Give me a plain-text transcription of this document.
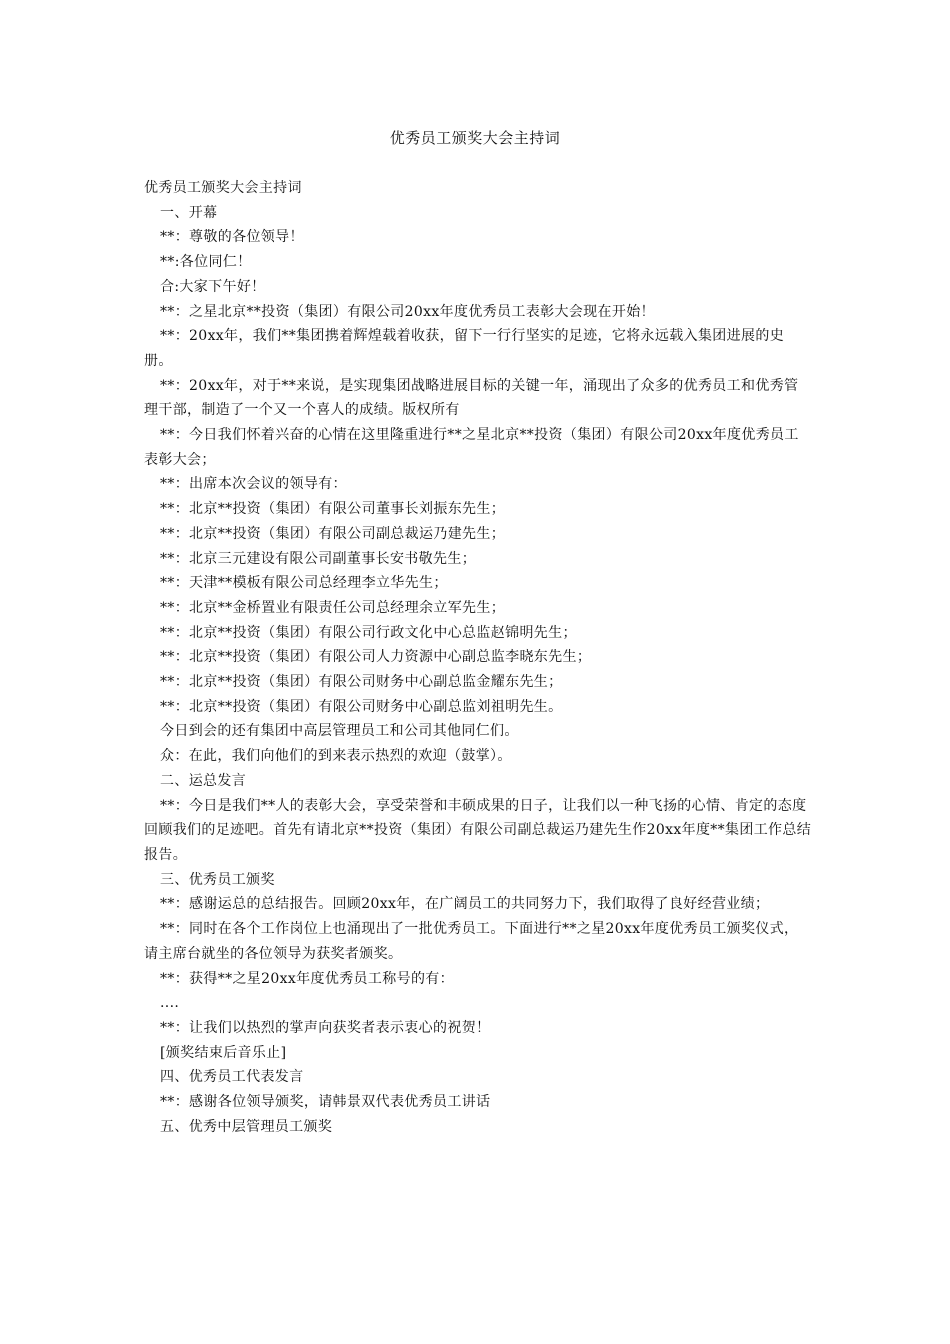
优秀员工颁奖大会主持词

优秀员工颁奖大会主持词

一、开幕

**：尊敬的各位领导！

**:各位同仁！

合:大家下午好！

**：之星北京**投资（集团）有限公司20xx年度优秀员工表彰大会现在开始！

**：20xx年，我们**集团携着辉煌载着收获，留下一行行坚实的足迹，它将永远载入集团进展的史册。

**：20xx年，对于**来说，是实现集团战略进展目标的关键一年，涌现出了众多的优秀员工和优秀管理干部，制造了一个又一个喜人的成绩。版权所有

**：今日我们怀着兴奋的心情在这里隆重进行**之星北京**投资（集团）有限公司20xx年度优秀员工表彰大会；

**：出席本次会议的领导有：

**：北京**投资（集团）有限公司董事长刘振东先生；

**：北京**投资（集团）有限公司副总裁运乃建先生；

**：北京三元建设有限公司副董事长安书敬先生；

**：天津**模板有限公司总经理李立华先生；

**：北京**金桥置业有限责任公司总经理余立军先生；

**：北京**投资（集团）有限公司行政文化中心总监赵锦明先生；

**：北京**投资（集团）有限公司人力资源中心副总监李晓东先生；

**：北京**投资（集团）有限公司财务中心副总监金耀东先生；

**：北京**投资（集团）有限公司财务中心副总监刘祖明先生。

今日到会的还有集团中高层管理员工和公司其他同仁们。

众：在此，我们向他们的到来表示热烈的欢迎（鼓掌）。

二、运总发言

**：今日是我们**人的表彰大会，享受荣誉和丰硕成果的日子，让我们以一种飞扬的心情、肯定的态度回顾我们的足迹吧。首先有请北京**投资（集团）有限公司副总裁运乃建先生作20xx年度**集团工作总结报告。

三、优秀员工颁奖

**：感谢运总的总结报告。回顾20xx年，在广阔员工的共同努力下，我们取得了良好经营业绩；

**：同时在各个工作岗位上也涌现出了一批优秀员工。下面进行**之星20xx年度优秀员工颁奖仪式，请主席台就坐的各位领导为获奖者颁奖。

**：获得**之星20xx年度优秀员工称号的有：

....

**：让我们以热烈的掌声向获奖者表示衷心的祝贺！

[颁奖结束后音乐止]

四、优秀员工代表发言

**：感谢各位领导颁奖，请韩景双代表优秀员工讲话

五、优秀中层管理员工颁奖
